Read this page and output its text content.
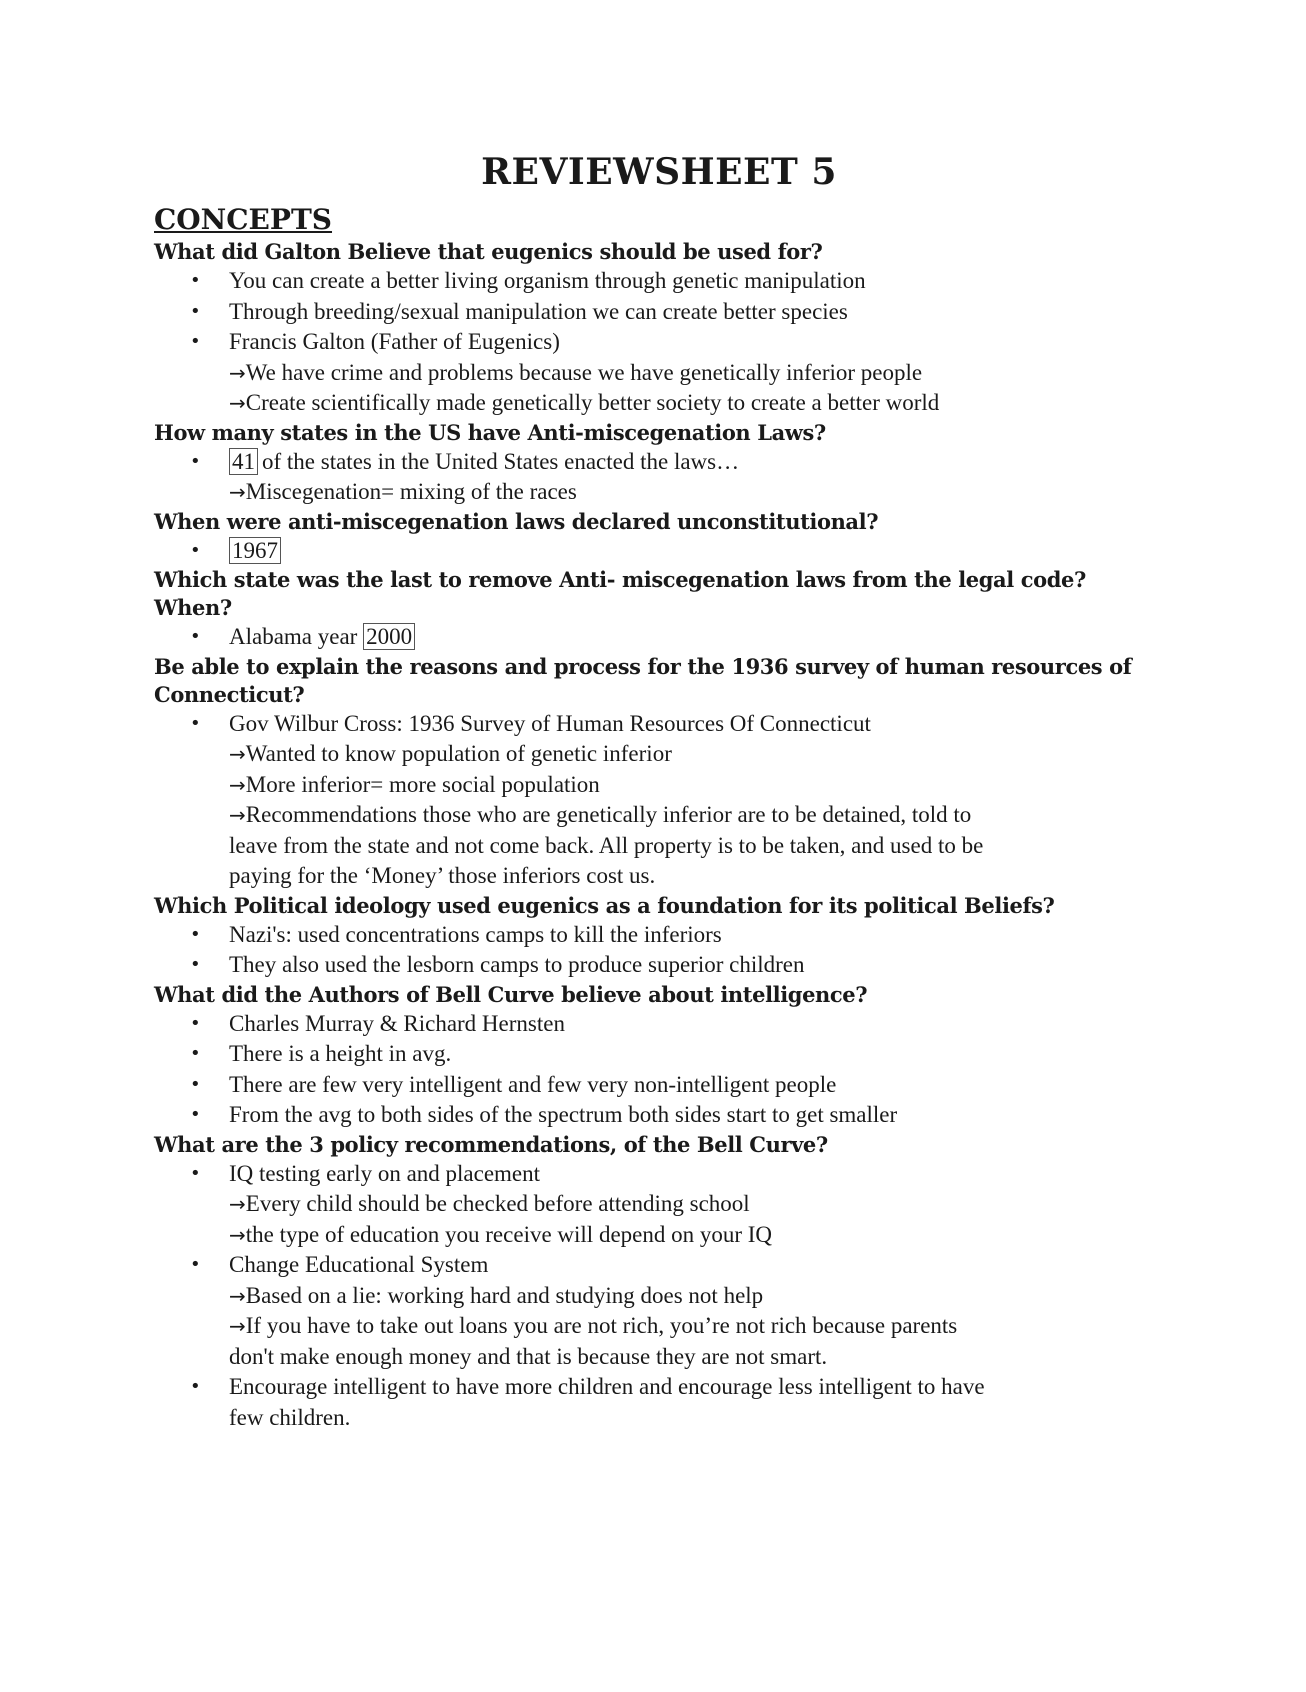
REVIEWSHEET 5
CONCEPTS

What did Galton Believe that eugenics should be used for?

• You can create a better living organism through genetic manipulation
• Through breeding/sexual manipulation we can create better species
• Francis Galton (Father of Eugenics)
→We have crime and problems because we have genetically inferior people
→Create scientifically made genetically better society to create a better world

How many states in the US have Anti-miscegenation Laws?

• 41 of the states in the United States enacted the laws…
→Miscegenation= mixing of the races

When were anti-miscegenation laws declared unconstitutional?

• 1967

Which state was the last to remove Anti- miscegenation laws from the legal code?
When?

• Alabama year 2000

Be able to explain the reasons and process for the 1936 survey of human resources of
Connecticut?

• Gov Wilbur Cross: 1936 Survey of Human Resources Of Connecticut
→Wanted to know population of genetic inferior
→More inferior= more social population
→Recommendations those who are genetically inferior are to be detained, told to
leave from the state and not come back. All property is to be taken, and used to be
paying for the ‘Money’ those inferiors cost us.

Which Political ideology used eugenics as a foundation for its political Beliefs?

• Nazi's: used concentrations camps to kill the inferiors
• They also used the lesborn camps to produce superior children

What did the Authors of Bell Curve believe about intelligence?

• Charles Murray & Richard Hernsten
• There is a height in avg.
• There are few very intelligent and few very non-intelligent people
• From the avg to both sides of the spectrum both sides start to get smaller

What are the 3 policy recommendations, of the Bell Curve?

• IQ testing early on and placement
→Every child should be checked before attending school
→the type of education you receive will depend on your IQ
• Change Educational System
→Based on a lie: working hard and studying does not help
→If you have to take out loans you are not rich, you’re not rich because parents
don't make enough money and that is because they are not smart.
• Encourage intelligent to have more children and encourage less intelligent to have
few children.
